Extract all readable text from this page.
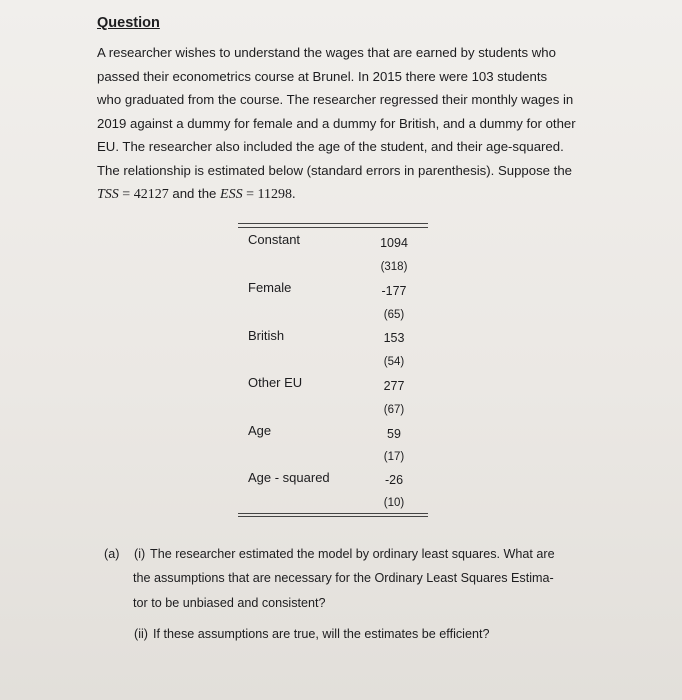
Question
A researcher wishes to understand the wages that are earned by students who
passed their econometrics course at Brunel. In 2015 there were 103 students
who graduated from the course. The researcher regressed their monthly wages in
2019 against a dummy for female and a dummy for British, and a dummy for other
EU. The researcher also included the age of the student, and their age-squared.
The relationship is estimated below (standard errors in parenthesis). Suppose the
TSS = 42127 and the ESS = 11298.
Constant	1094
(318)
Female	-177
(65)
British	153
(54)
Other EU	277
(67)
Age	59
(17)
Age - squared	-26
(10)
(a) (i) The researcher estimated the model by ordinary least squares. What are
the assumptions that are necessary for the Ordinary Least Squares Estima-
tor to be unbiased and consistent?
(ii) If these assumptions are true, will the estimates be efficient?
